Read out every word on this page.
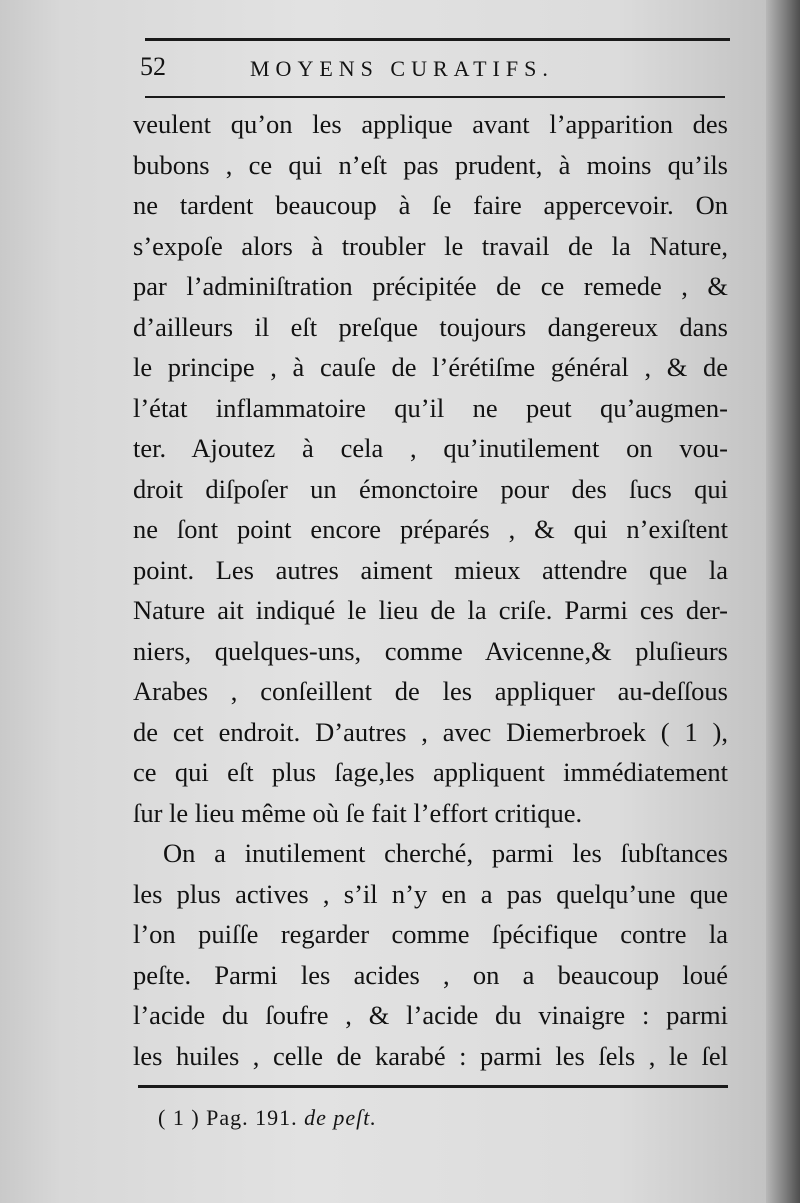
52	MOYENS CURATIFS.
veulent qu’on les applique avant l’apparition des
bubons , ce qui n’eſt pas prudent, à moins qu’ils
ne tardent beaucoup à ſe faire appercevoir. On
s’expoſe alors à troubler le travail de la Nature,
par l’adminiſtration précipitée de ce remede , &
d’ailleurs il eſt preſque toujours dangereux dans
le principe , à cauſe de l’érétiſme général , & de
l’état inflammatoire qu’il ne peut qu’augmen-
ter. Ajoutez à cela , qu’inutilement on vou-
droit diſpoſer un émonctoire pour des ſucs qui
ne ſont point encore préparés , & qui n’exiſtent
point. Les autres aiment mieux attendre que la
Nature ait indiqué le lieu de la criſe. Parmi ces der-
niers, quelques-uns, comme Avicenne,& pluſieurs
Arabes , conſeillent de les appliquer au-deſſous
de cet endroit. D’autres , avec Diemerbroek ( 1 ),
ce qui eſt plus ſage,les appliquent immédiatement
ſur le lieu même où ſe fait l’effort critique.
On a inutilement cherché, parmi les ſubſtances
les plus actives , s’il n’y en a pas quelqu’une que
l’on puiſſe regarder comme ſpécifique contre la
peſte. Parmi les acides , on a beaucoup loué
l’acide du ſoufre , & l’acide du vinaigre : parmi
les huiles , celle de karabé : parmi les ſels , le ſel
( 1 ) Pag. 191. de peſt.
